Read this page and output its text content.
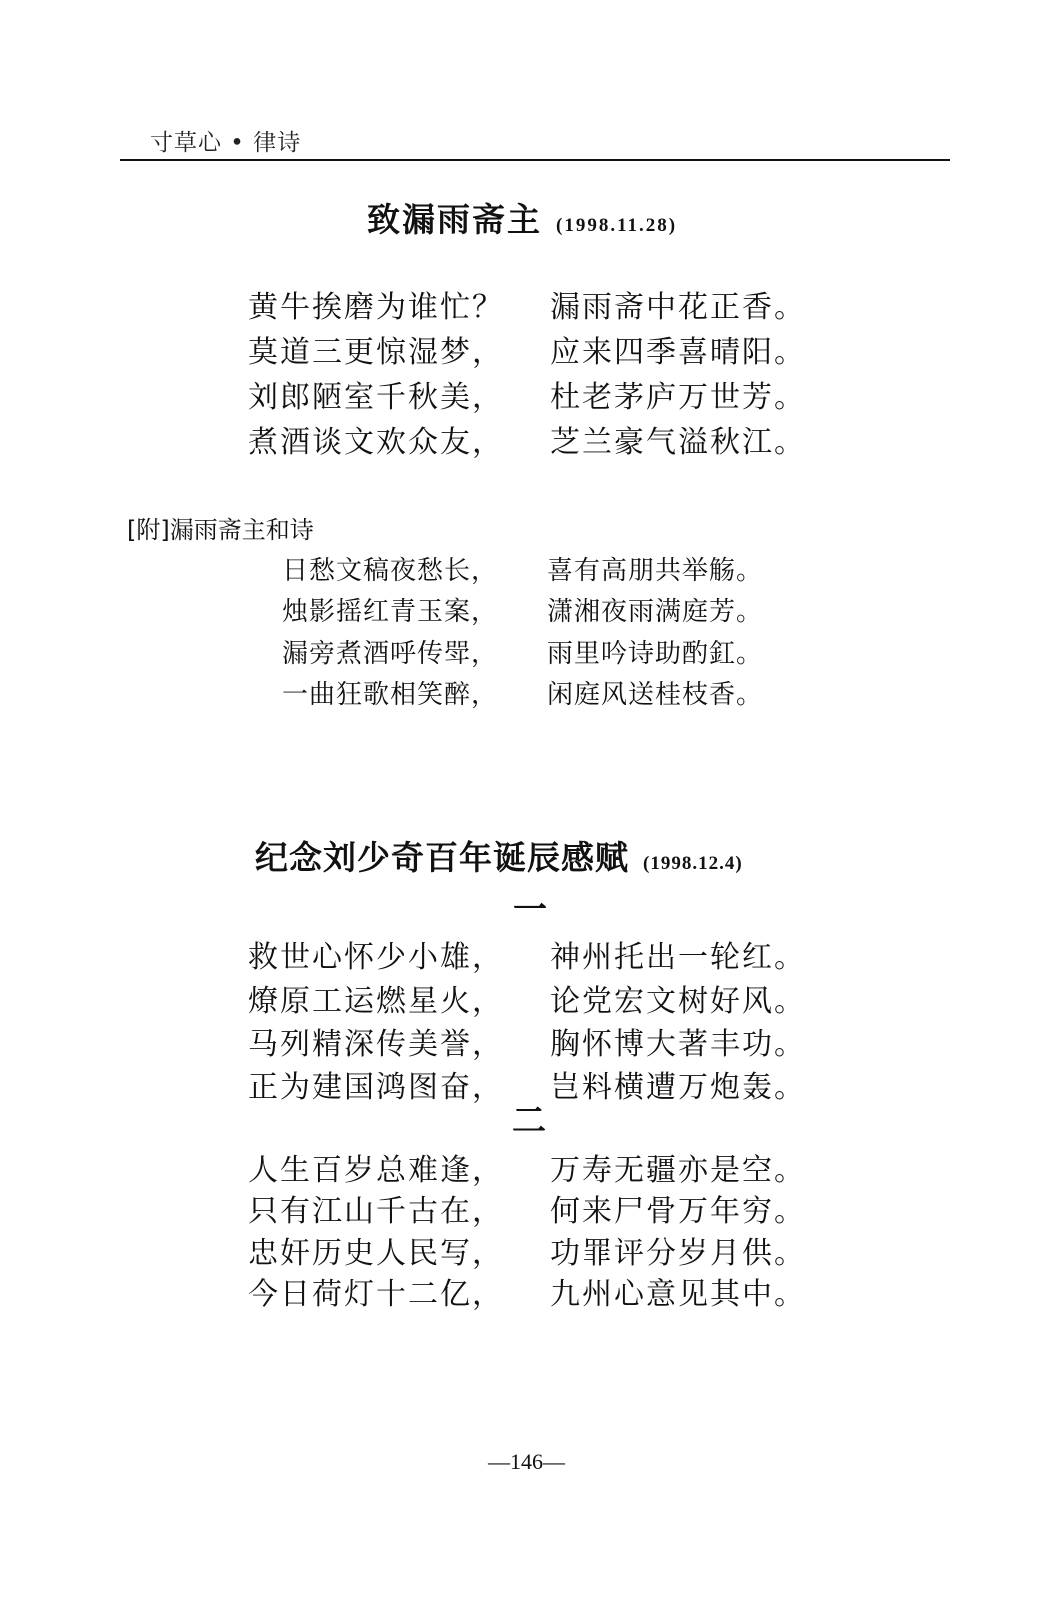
寸草心 • 律诗
致漏雨斋主 (1998.11.28)
黄牛挨磨为谁忙？ 漏雨斋中花正香。
莫道三更惊湿梦， 应来四季喜晴阳。
刘郎陋室千秋美， 杜老茅庐万世芳。
煮酒谈文欢众友， 芝兰豪气溢秋江。
[附]漏雨斋主和诗
日愁文稿夜愁长， 喜有高朋共举觞。
烛影摇红青玉案， 潇湘夜雨满庭芳。
漏旁煮酒呼传斝， 雨里吟诗助酌釭。
一曲狂歌相笑醉， 闲庭风送桂枝香。
纪念刘少奇百年诞辰感赋 (1998.12.4)
一
救世心怀少小雄， 神州托出一轮红。
燎原工运燃星火， 论党宏文树好风。
马列精深传美誉， 胸怀博大著丰功。
正为建国鸿图奋， 岂料横遭万炮轰。
二
人生百岁总难逢， 万寿无疆亦是空。
只有江山千古在， 何来尸骨万年穷。
忠奸历史人民写， 功罪评分岁月供。
今日荷灯十二亿， 九州心意见其中。
—146—
